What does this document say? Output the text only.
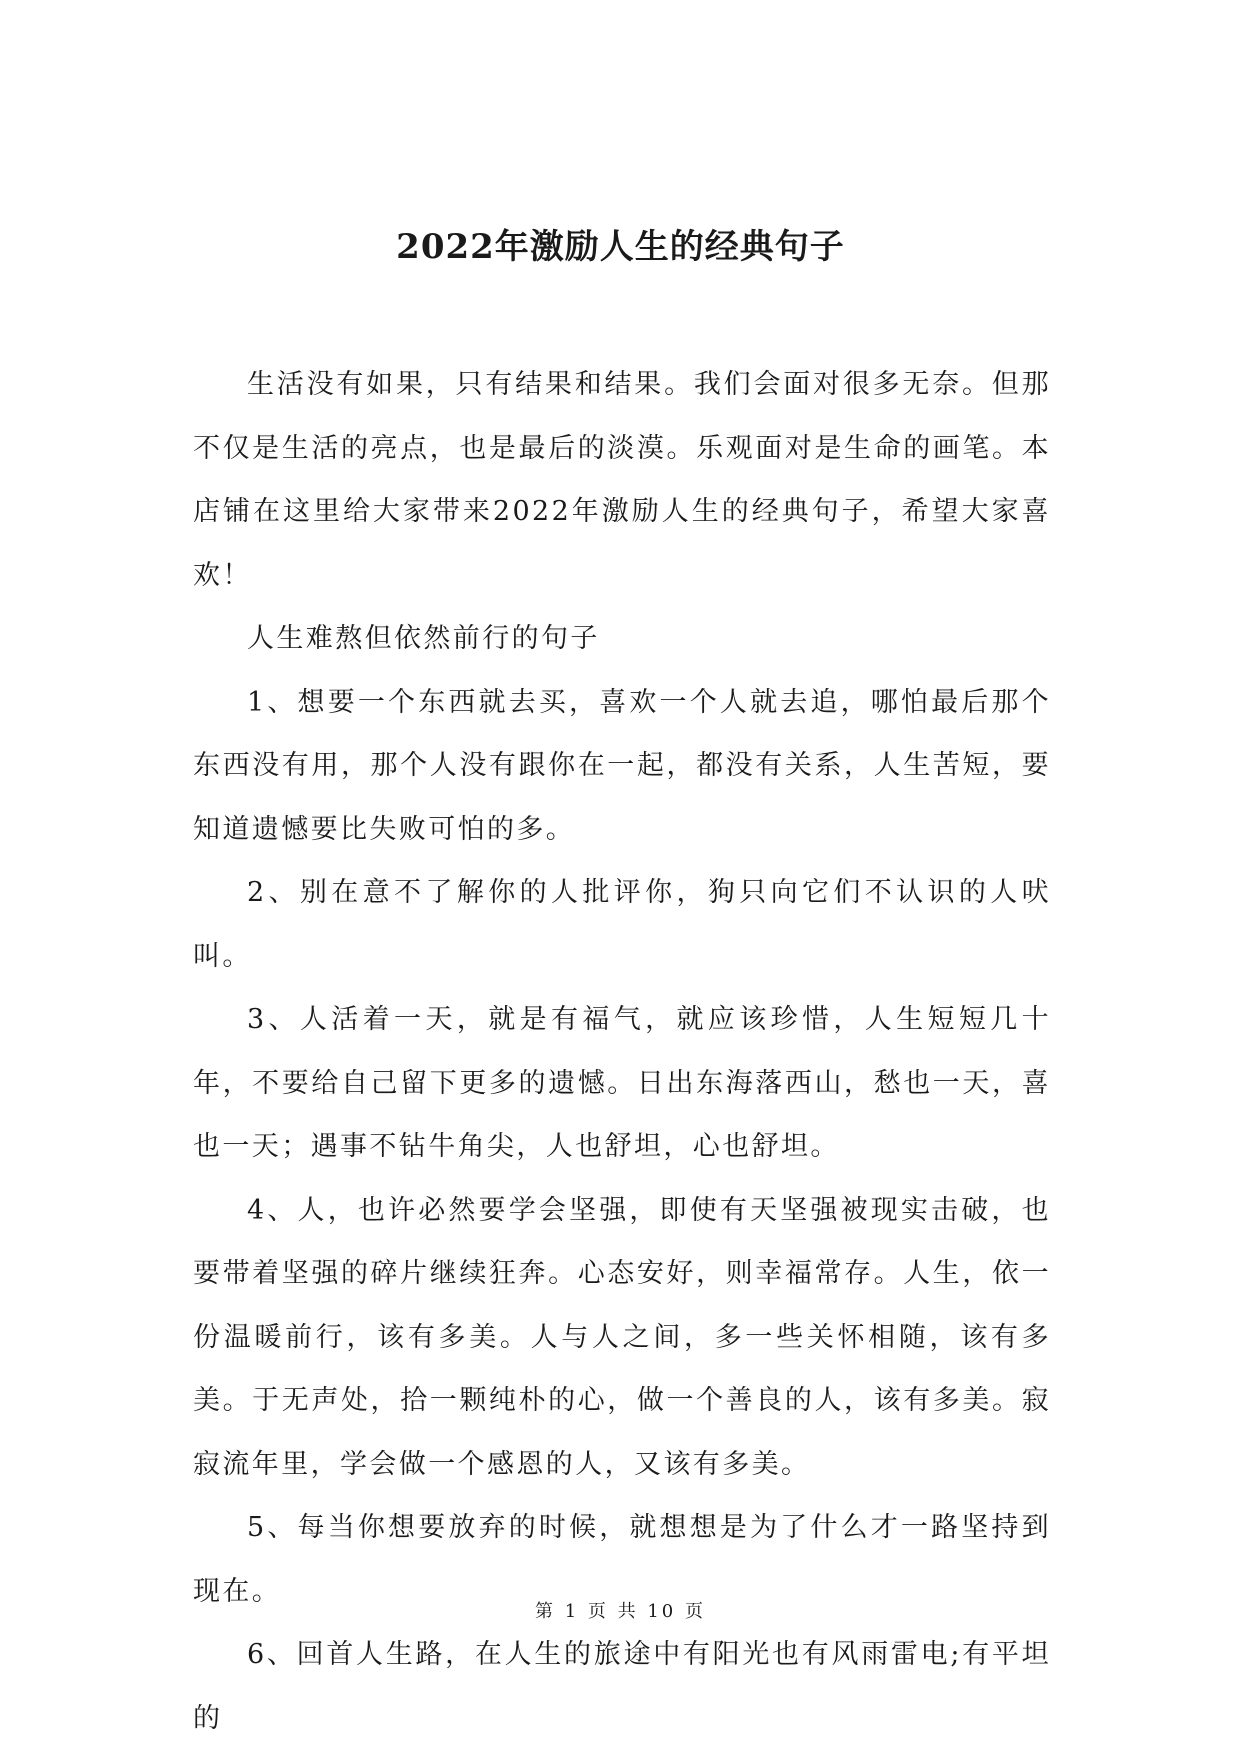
2022年激励人生的经典句子

生活没有如果，只有结果和结果。我们会面对很多无奈。但那不仅是生活的亮点，也是最后的淡漠。乐观面对是生命的画笔。本店铺在这里给大家带来2022年激励人生的经典句子，希望大家喜欢！

人生难熬但依然前行的句子

1、想要一个东西就去买，喜欢一个人就去追，哪怕最后那个东西没有用，那个人没有跟你在一起，都没有关系，人生苦短，要知道遗憾要比失败可怕的多。

2、别在意不了解你的人批评你，狗只向它们不认识的人吠叫。

3、人活着一天，就是有福气，就应该珍惜，人生短短几十年，不要给自己留下更多的遗憾。日出东海落西山，愁也一天，喜也一天；遇事不钻牛角尖，人也舒坦，心也舒坦。

4、人，也许必然要学会坚强，即使有天坚强被现实击破，也要带着坚强的碎片继续狂奔。心态安好，则幸福常存。人生，依一份温暖前行，该有多美。人与人之间，多一些关怀相随，该有多美。于无声处，拾一颗纯朴的心，做一个善良的人，该有多美。寂寂流年里，学会做一个感恩的人，又该有多美。

5、每当你想要放弃的时候，就想想是为了什么才一路坚持到现在。

6、回首人生路，在人生的旅途中有阳光也有风雨雷电;有平坦的

第 1 页 共 10 页
